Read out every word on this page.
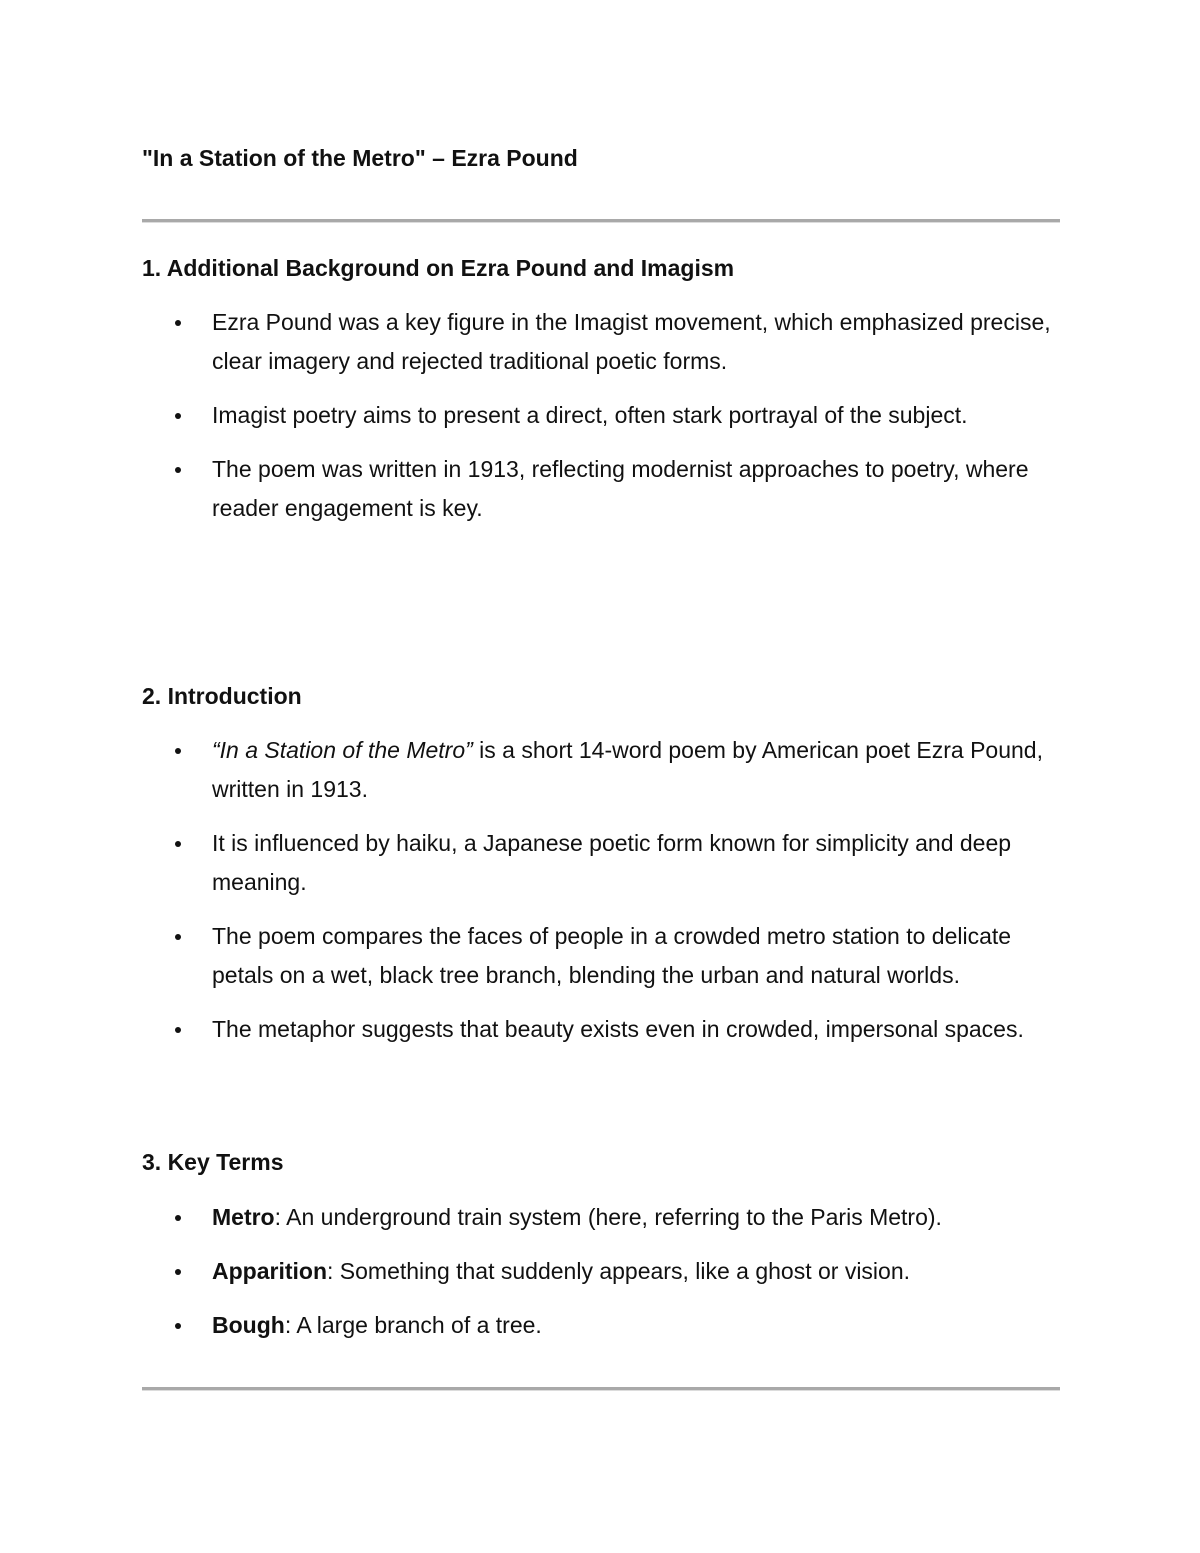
"In a Station of the Metro" – Ezra Pound
1. Additional Background on Ezra Pound and Imagism
Ezra Pound was a key figure in the Imagist movement, which emphasized precise, clear imagery and rejected traditional poetic forms.
Imagist poetry aims to present a direct, often stark portrayal of the subject.
The poem was written in 1913, reflecting modernist approaches to poetry, where reader engagement is key.
2. Introduction
“In a Station of the Metro” is a short 14-word poem by American poet Ezra Pound, written in 1913.
It is influenced by haiku, a Japanese poetic form known for simplicity and deep meaning.
The poem compares the faces of people in a crowded metro station to delicate petals on a wet, black tree branch, blending the urban and natural worlds.
The metaphor suggests that beauty exists even in crowded, impersonal spaces.
3. Key Terms
Metro: An underground train system (here, referring to the Paris Metro).
Apparition: Something that suddenly appears, like a ghost or vision.
Bough: A large branch of a tree.
